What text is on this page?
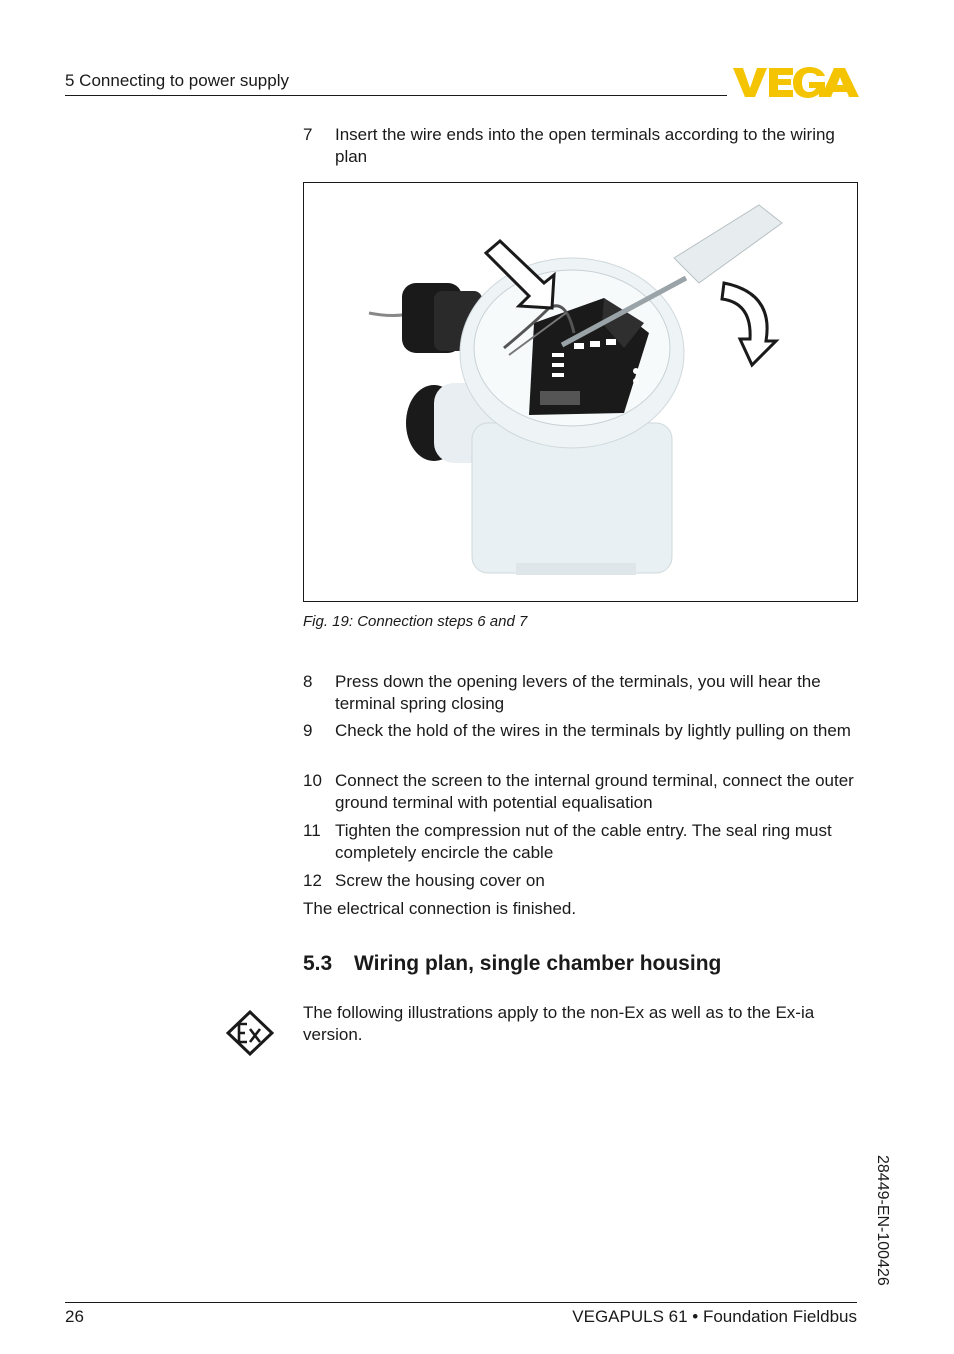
5 Connecting to power supply
7 Insert the wire ends into the open terminals according to the wiring plan
Fig. 19: Connection steps 6 and 7
8 Press down the opening levers of the terminals, you will hear the terminal spring closing
9 Check the hold of the wires in the terminals by lightly pulling on them
10 Connect the screen to the internal ground terminal, connect the outer ground terminal with potential equalisation
11 Tighten the compression nut of the cable entry. The seal ring must completely encircle the cable
12 Screw the housing cover on
The electrical connection is finished.
5.3 Wiring plan, single chamber housing
The following illustrations apply to the non-Ex as well as to the Ex-ia version.
28449-EN-100426
26	VEGAPULS 61 • Foundation Fieldbus
